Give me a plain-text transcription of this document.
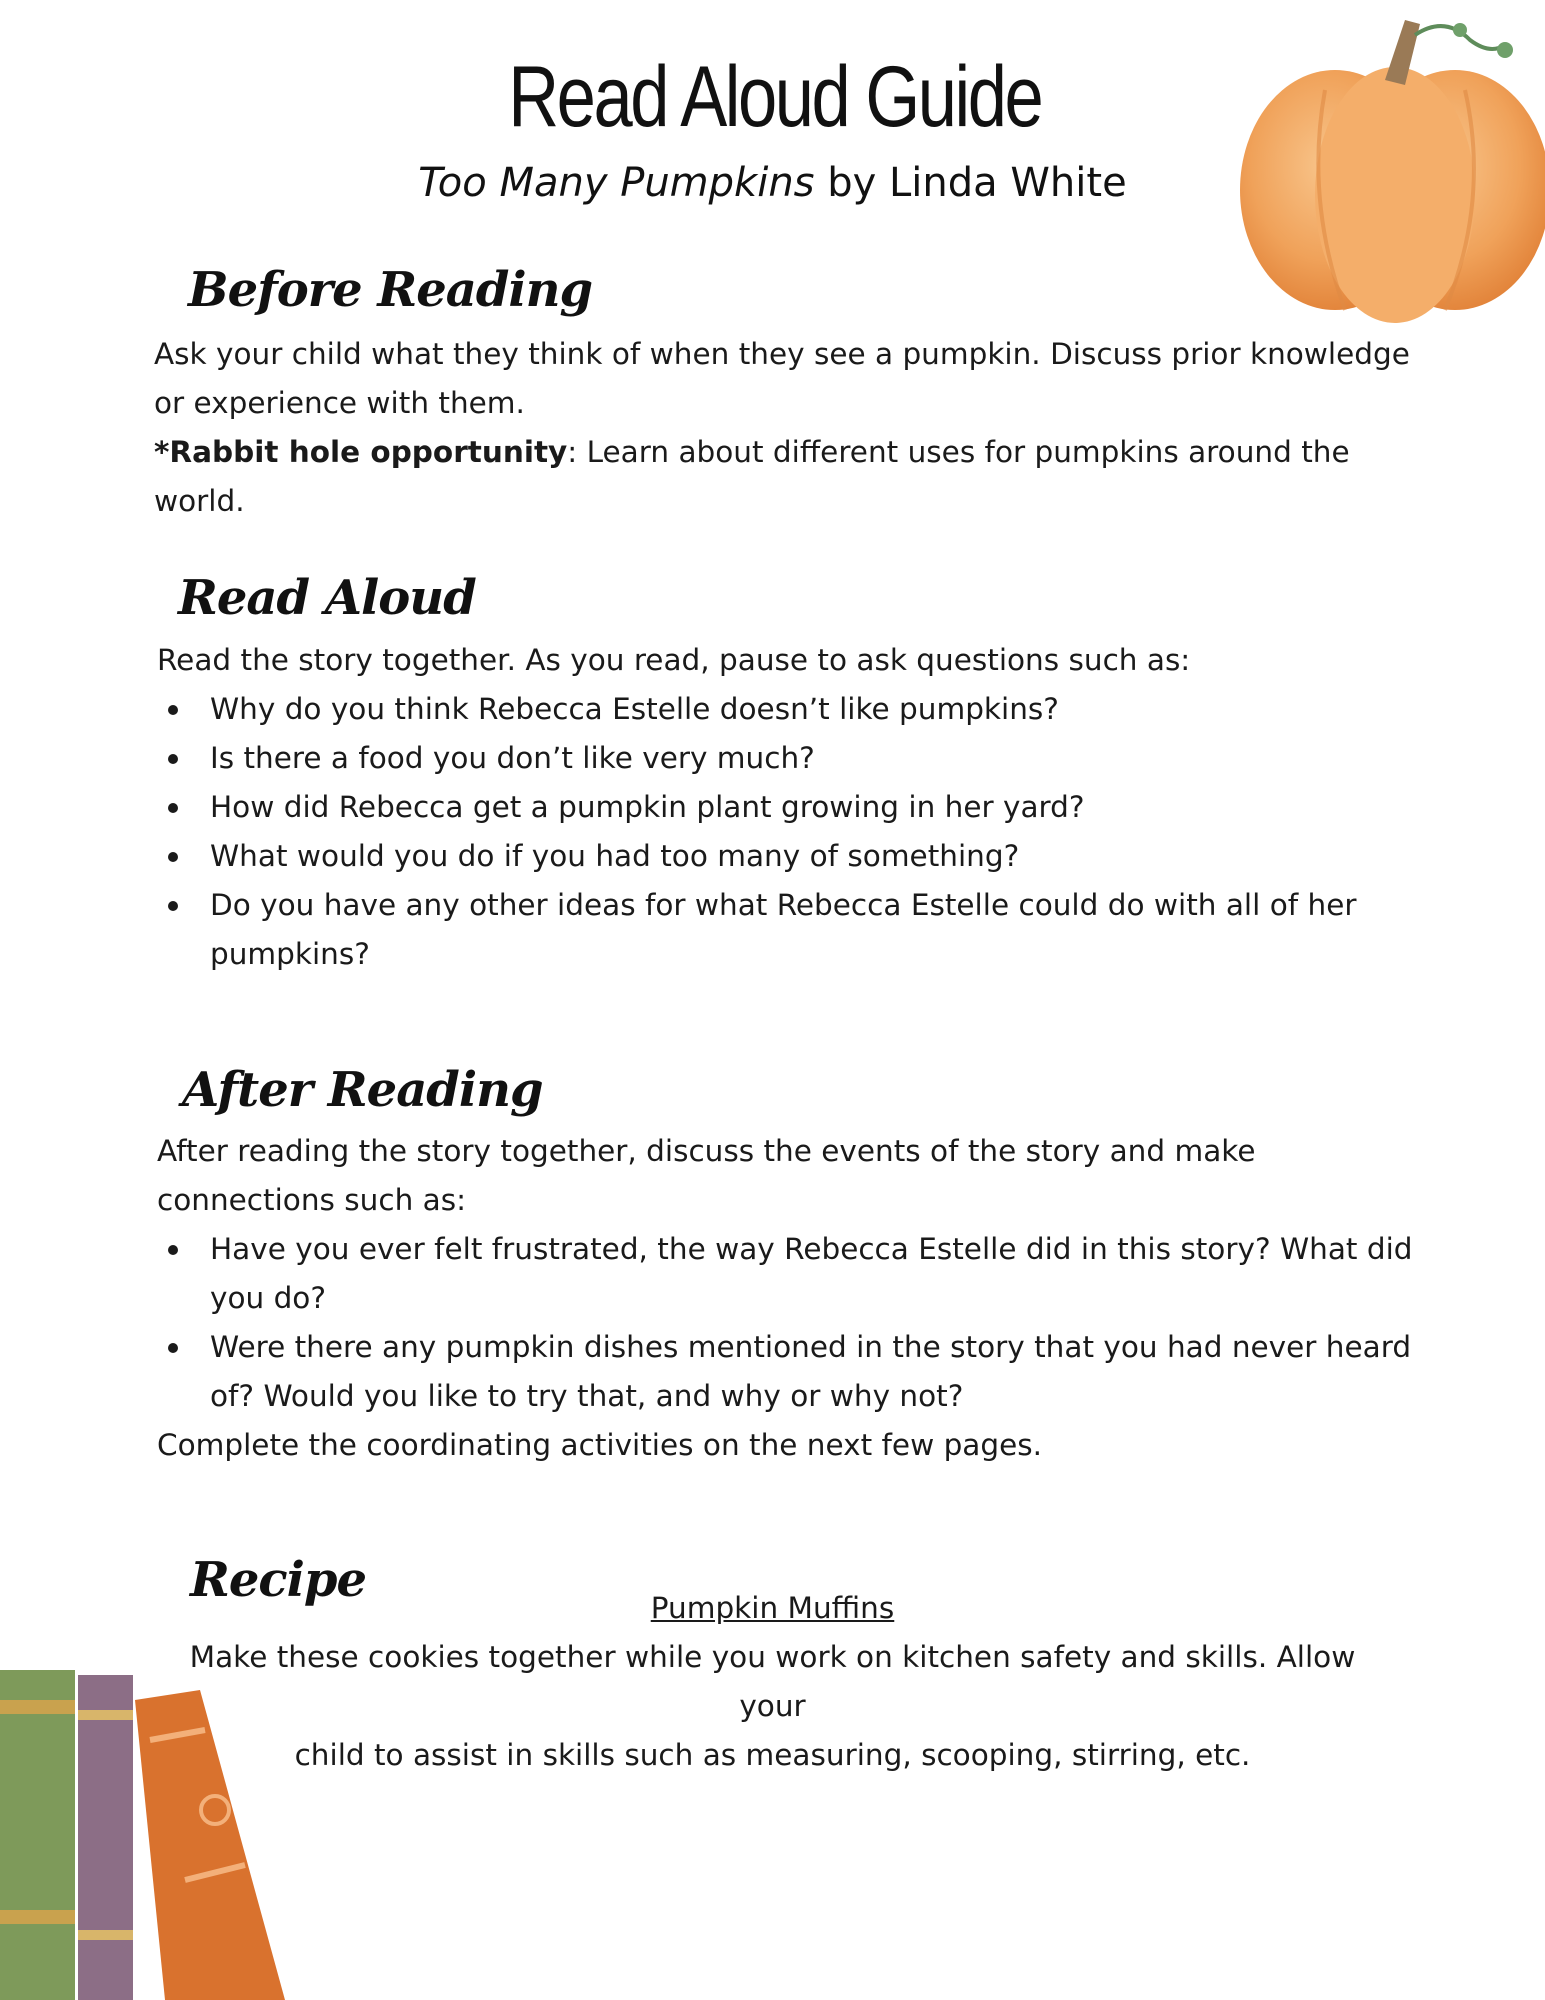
Read Aloud Guide
Too Many Pumpkins by Linda White
Before Reading
Ask your child what they think of when they see a pumpkin. Discuss prior knowledge
or experience with them.
*Rabbit hole opportunity: Learn about different uses for pumpkins around the
world.
Read Aloud
Read the story together. As you read, pause to ask questions such as:
Why do you think Rebecca Estelle doesn’t like pumpkins?
Is there a food you don’t like very much?
How did Rebecca get a pumpkin plant growing in her yard?
What would you do if you had too many of something?
Do you have any other ideas for what Rebecca Estelle could do with all of her
pumpkins?
After Reading
After reading the story together, discuss the events of the story and make
connections such as:
Have you ever felt frustrated, the way Rebecca Estelle did in this story? What did
you do?
Were there any pumpkin dishes mentioned in the story that you had never heard
of? Would you like to try that, and why or why not?
Complete the coordinating activities on the next few pages.
Recipe	Pumpkin Muffins
Make these cookies together while you work on kitchen safety and skills. Allow your
child to assist in skills such as measuring, scooping, stirring, etc.
